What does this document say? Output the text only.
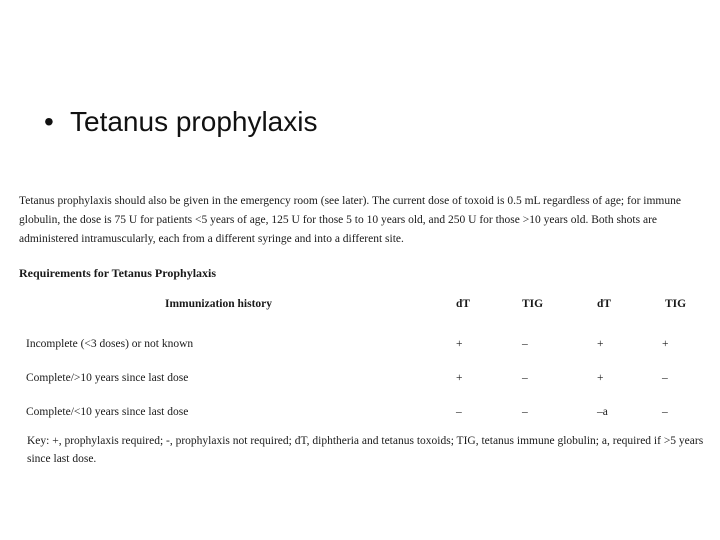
• Tetanus prophylaxis

Tetanus prophylaxis should also be given in the emergency room (see later). The current dose of toxoid is 0.5 mL regardless of age; for immune globulin, the dose is 75 U for patients <5 years of age, 125 U for those 5 to 10 years old, and 250 U for those >10 years old. Both shots are administered intramuscularly, each from a different syringe and into a different site.

Requirements for Tetanus Prophylaxis

Immunization history	dT	TIG	dT	TIG
Incomplete (<3 doses) or not known	+	–	+	+
Complete/>10 years since last dose	+	–	+	–
Complete/<10 years since last dose	–	–	–a	–

Key: +, prophylaxis required; -, prophylaxis not required; dT, diphtheria and tetanus toxoids; TIG, tetanus immune globulin; a, required if >5 years since last dose.
